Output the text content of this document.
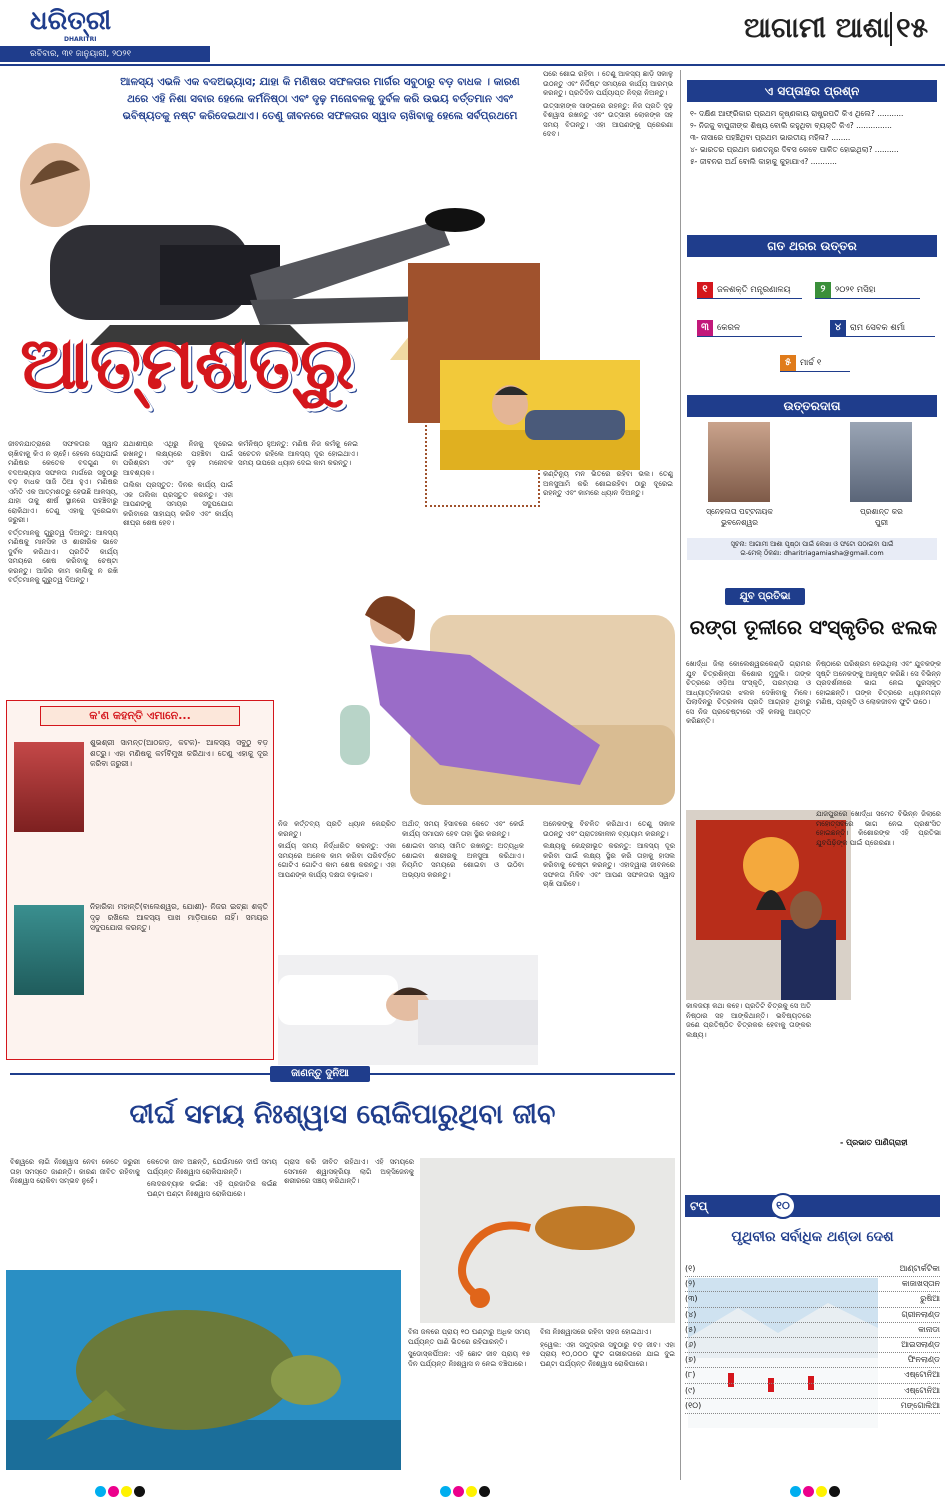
ଧରିତ୍ରୀ
DHARITRI
ରବିବାର, ୩୧ ଜାନୁୟାରୀ, ୨୦୨୧
ଆଗାମୀ ଆଶା ୧୫
ଆଳସ୍ୟ ଏଭଳି ଏକ ବଦଅଭ୍ୟାସ; ଯାହା କି ମଣିଷର ସଫଳତାର ମାର୍ଗର ସବୁଠାରୁ ବଡ଼ ବାଧକ । କାରଣ ଥରେ ଏହି ନିଶା ସବାର ହେଲେ କର୍ମନିଷ୍ଠା ଏବଂ ଦୃଢ଼ ମନୋବଳକୁ ଦୁର୍ବଳ କରି ଉଭୟ ବର୍ତ୍ତମାନ ଏବଂ ଭବିଷ୍ୟତକୁ ନଷ୍ଟ କରିଦେଇଥାଏ। ତେଣୁ ଜୀବନରେ ସଫଳତାର ସ୍ୱାଦ ଚାଖିବାକୁ ହେଲେ ସର୍ବପ୍ରଥମେ
ଆତ୍ମଶତ୍ରୁ

ଜୀବନଯାତ୍ରାରେ ସଫଳତାର ସ୍ୱାଦ ଚାଖିବାକୁ କିଏ ନ ଚାହେଁ। ହେଲେ ସେଥିପାଇଁ ମଣିଷର କେତେକ ବଦଗୁଣ ବା ବଦଅଭ୍ୟାସ ସଫଳତା ମାର୍ଗରେ ସବୁଠାରୁ ବଡ଼ ବାଧକ ସାଜି ଠିଆ ହୁଏ। ମଣିଷର ଏମିତି ଏକ ଆତ୍ମଶତ୍ରୁ ହେଉଛି ଆଳସ୍ୟ, ଯାହା ତାକୁ ଶୀର୍ଷ ସ୍ଥାନରେ ପହଞ୍ଚିବାରୁ ରୋକିଥାଏ। ତେଣୁ ଏହାକୁ ଦୂରେଇବା ଜରୁରୀ।

ବର୍ତ୍ତମାନକୁ ଗୁରୁତ୍ୱ ଦିଅନ୍ତୁ: ଆଳସ୍ୟ ମଣିଷକୁ ମାନସିକ ଓ ଶାରୀରିକ ଭାବେ ଦୁର୍ବଳ କରିଥାଏ। ପ୍ରତିଟି କାର୍ଯ୍ୟ ସମୟରେ ଶେଷ କରିବାକୁ ଚେଷ୍ଟା କରନ୍ତୁ। ଆଜିର କାମ କାଲିକୁ ନ ରଖି ବର୍ତ୍ତମାନକୁ ଗୁରୁତ୍ୱ ଦିଅନ୍ତୁ।

ଯଥାଶୀଘ୍ର ଏଥିରୁ ନିଜକୁ ଦୂରେଇ ରଖନ୍ତୁ। ଲକ୍ଷ୍ୟରେ ପହଞ୍ଚିବା ପାଇଁ ପରିଶ୍ରମ ଏବଂ ଦୃଢ଼ ମନୋବଳ ଆବଶ୍ୟକ।

ତାଲିକା ପ୍ରସ୍ତୁତ: ଦିନର କାର୍ଯ୍ୟ ପାଇଁ ଏକ ତାଲିକା ପ୍ରସ୍ତୁତ କରନ୍ତୁ। ଏହା ଆପଣଙ୍କୁ ସମୟର ସଦୁପଯୋଗ କରିବାରେ ସାହାଯ୍ୟ କରିବ ଏବଂ କାର୍ଯ୍ୟ ଶୀଘ୍ର ଶେଷ ହେବ।

କର୍ମନିଷ୍ଠ ହୁଅନ୍ତୁ: ମଣିଷ ନିଜ କର୍ମକୁ ନେଇ ସଚେତନ ରହିଲେ ଆଳସ୍ୟ ଦୂର ହୋଇଥାଏ। ସମୟ ଉପରେ ଧ୍ୟାନ ଦେଇ କାମ କରନ୍ତୁ।

ପରେ ଶୋଇ ରହିବା । ତେଣୁ ଆଳସ୍ୟ ଛାଡ଼ି ସକାଳୁ ଉଠନ୍ତୁ ଏବଂ ନିର୍ଦ୍ଦିଷ୍ଟ ସମୟରେ କାର୍ଯ୍ୟ ଆରମ୍ଭ କରନ୍ତୁ। ପ୍ରତିଦିନ ପର୍ଯ୍ୟାପ୍ତ ନିଦ୍ରା ନିଅନ୍ତୁ।

ଉତ୍ସାହୀଙ୍କ ସାଙ୍ଗରେ ରହନ୍ତୁ: ନିଜ ପ୍ରତି ଦୃଢ଼ ବିଶ୍ୱାସ ରଖନ୍ତୁ ଏବଂ ଉତ୍ସାହୀ ଲୋକଙ୍କ ସହ ସମୟ ବିତାନ୍ତୁ। ଏହା ଆପଣଙ୍କୁ ପ୍ରେରଣା ଦେବ।

କଣ୍ଟିନ୍ୟୁ ମନ ଭିତରେ ରହିବା ଭଲ। ତେଣୁ ଅଳସୁଆମି କରି ଶୋଇରହିବା ଠାରୁ ଦୂରେଇ ରହନ୍ତୁ ଏବଂ କାମରେ ଧ୍ୟାନ ଦିଅନ୍ତୁ।

କ'ଣ କହନ୍ତି ଏମାନେ...

ଶୁଭଶ୍ରୀ ସାମନ୍ତ(ଆଠଗଡ଼, କଟକ)- ଆଳସ୍ୟ ସବୁଠୁ ବଡ଼ ଶତ୍ରୁ। ଏହା ମଣିଷକୁ କର୍ମବିମୁଖ କରିଥାଏ। ତେଣୁ ଏହାକୁ ଦୂର କରିବା ଜରୁରୀ।

ନିହାରିକା ମହାନ୍ତି(ବାଲେଶ୍ୱର, ଯୋଶୀ)- ନିଜର ଇଚ୍ଛା ଶକ୍ତି ଦୃଢ଼ ରଖିଲେ ଆଳସ୍ୟ ପାଖ ମାଡ଼ିପାରେ ନାହିଁ। ସମୟର ସଦୁପଯୋଗ କରନ୍ତୁ।

ନିଜ କର୍ତ୍ତବ୍ୟ ପ୍ରତି ଧ୍ୟାନ କେନ୍ଦ୍ରିତ କରନ୍ତୁ।

କାର୍ଯ୍ୟ ସମୟ ନିର୍ଦ୍ଧାରିତ କରନ୍ତୁ: ଏକା ସମୟରେ ଅନେକ କାମ କରିବା ପରିବର୍ତ୍ତେ ଗୋଟିଏ ଗୋଟିଏ କାମ ଶେଷ କରନ୍ତୁ। ଏହା ଆପଣଙ୍କ କାର୍ଯ୍ୟ ଦକ୍ଷତା ବଢ଼ାଇବ।

ଅର୍ଥାତ୍ ସମୟ ହିସାବରେ କେତେ ଏବଂ କେଉଁ କାର୍ଯ୍ୟ ସମାପନ ହେବ ତାହା ସ୍ଥିର କରନ୍ତୁ।

ଶୋଇବା ସମୟ ସୀମିତ ରଖନ୍ତୁ: ଅତ୍ୟଧିକ ଶୋଇବା ଶରୀରକୁ ଅଳସୁଆ କରିଥାଏ। ନିୟମିତ ସମୟରେ ଶୋଇବା ଓ ଉଠିବା ଅଭ୍ୟାସ କରନ୍ତୁ।

ଅନେକଙ୍କୁ ବିଚଳିତ କରିଥାଏ। ତେଣୁ ସକାଳ ଉଠନ୍ତୁ ଏବଂ ପ୍ରାତଃକାଳୀନ ବ୍ୟାୟାମ କରନ୍ତୁ।

ଲକ୍ଷ୍ୟକୁ କେନ୍ଦ୍ରୀଭୂତ କରନ୍ତୁ: ଆଳସ୍ୟ ଦୂର କରିବା ପାଇଁ ଲକ୍ଷ୍ୟ ସ୍ଥିର କରି ତାହାକୁ ହାସଲ କରିବାକୁ ଚେଷ୍ଟା କରନ୍ତୁ। ଏହାଦ୍ୱାରା ଜୀବନରେ ସଫଳତା ମିଳିବ ଏବଂ ଆପଣ ସଫଳତାର ସ୍ୱାଦ ଚାଖି ପାରିବେ।

ଏ ସପ୍ତାହର ପ୍ରଶ୍ନ
୧- ଦକ୍ଷିଣ ଆଫ୍ରିକାର ପ୍ରଥମ କୃଷ୍ଣକାୟ ରାଷ୍ଟ୍ରପତି କିଏ ଥିଲେ? ...........
୨- ନିଜକୁ ବାପୁଜୀଙ୍କ ଶିଷ୍ୟ ବୋଲି କହୁଥିବା ବ୍ୟକ୍ତି କିଏ? ...............
୩- ନାସାରେ ପହଞ୍ଚିଥିବା ପ୍ରଥମ ଭାରତୀୟ ମହିଳା? ........
୪- ଭାରତର ପ୍ରଥମ ଗଣତନ୍ତ୍ର ଦିବସ କେବେ ପାଳିତ ହୋଇଥିଲା? ..........
୫- ଜୀବନର ଅର୍ଥ ବୋଲି କାହାକୁ କୁହାଯାଏ? ...........
ଗତ ଥରର ଉତ୍ତର
୧ ଜଳଶକ୍ତି ମନ୍ତ୍ରଣାଳୟ	୨ ୨୦୨୧ ମସିହା
୩ କେରଳ	୪ ରାମ ସେବକ ଶର୍ମା
୫ ମାର୍ଚ୍ଚ ୧
ଉତ୍ତରଦାତା
ସ୍ନେହଲତା ପଟ୍ଟନାୟକ
ଭୁବନେଶ୍ୱର
ପ୍ରଶାନ୍ତ କର
ପୁରୀ
ସୂଚନା: ଆଗାମୀ ଆଶା ପୃଷ୍ଠା ପାଇଁ ଲେଖା ଓ ଫଟୋ ପଠାଇବା ପାଇଁ
ଇ-ମେଲ୍ ଠିକଣା: dharitriagamiasha@gmail.com
ଯୁବ ପ୍ରତିଭା
ରଙ୍ଗ ତୂଳୀରେ ସଂସ୍କୃତିର ଝଲକ

ଖୋର୍ଦ୍ଧା ଜିଲା କୋଲେଶ୍ୱରକେଣ୍ଡି ଗ୍ରାମର ଯୁବ ଚିତ୍ରଶିଳ୍ପୀ କିଶୋର ମୁଦୁଲି। ତାଙ୍କ ଚିତ୍ରରେ ଓଡ଼ିଆ ସଂସ୍କୃତି, ପରମ୍ପରା ଓ ଆଧ୍ୟାତ୍ମିକତାର ଝଲକ ଦେଖିବାକୁ ମିଳେ। ପିଲାଦିନରୁ ଚିତ୍ରକଳା ପ୍ରତି ଆଗ୍ରହ ଥିବାରୁ ସେ ନିଜ ପ୍ରଚେଷ୍ଟାରେ ଏହି କଳାକୁ ଆୟତ୍ତ କରିଛନ୍ତି।

ନିଷ୍ଠାରେ ପରିଶ୍ରମ ହେଉଥିଲା ଏବଂ ଯୁବକଙ୍କ ସୃଷ୍ଟି ଅନେକଙ୍କୁ ଆକୃଷ୍ଟ କରିଛି। ସେ ବିଭିନ୍ନ ପ୍ରଦର୍ଶନୀରେ ଭାଗ ନେଇ ପୁରସ୍କୃତ ହୋଇଛନ୍ତି। ତାଙ୍କ ଚିତ୍ରରେ ଧ୍ୟାନମଗ୍ନ ମଣିଷ, ପ୍ରକୃତି ଓ ଲୋକଜୀବନ ଫୁଟି ଉଠେ।

କାଳଜୟୀ କଥା କହେ। ପ୍ରତିଟି ଚିତ୍ରକୁ ସେ ଅତି ନିଷ୍ଠାର ସହ ଆଙ୍କିଥାନ୍ତି। ଭବିଷ୍ୟତରେ ଜଣେ ପ୍ରତିଷ୍ଠିତ ଚିତ୍ରକର ହେବାକୁ ତାଙ୍କର ଲକ୍ଷ୍ୟ।

ଯାଜପୁରରେ ଖୋର୍ଦ୍ଧା ସମେତ ବିଭିନ୍ନ ଜିଲାରେ ମହୋତ୍ସବରେ ଭାଗ ନେଇ ପ୍ରଶଂସିତ ହୋଇଛନ୍ତି। କିଶୋରଙ୍କ ଏହି ପ୍ରତିଭା ଯୁବପିଢ଼ିଙ୍କ ପାଇଁ ପ୍ରେରଣା।

- ପ୍ରଭାତ ପାଣିଗ୍ରାହୀ
ଜାଣନ୍ତୁ ଦୁନିଆ
ଦୀର୍ଘ ସମୟ ନିଃଶ୍ୱାସ ରୋକିପାରୁଥିବା ଜୀବ

ବିଶ୍ୱରେ ଲାଗି ନିଃଶ୍ୱାସ ନେବା କେତେ ଜରୁରୀ ତାହା ସମସ୍ତେ ଜାଣନ୍ତି। କାରଣ ଜୀବିତ ରହିବାକୁ ନିଃଶ୍ୱାସ ରୋକିବା ସମ୍ଭବ ନୁହେଁ।

କେତେକ ଜୀବ ଅଛନ୍ତି, ଯେଉଁମାନେ ଦୀର୍ଘ ସମୟ ପର୍ଯ୍ୟନ୍ତ ନିଃଶ୍ୱାସ ରୋକିପାରନ୍ତି।

ଲେଦରବ୍ୟାକ କଇଁଛ: ଏହି ପ୍ରଜାତିର କଇଁଛ ଘଣ୍ଟା ଘଣ୍ଟା ନିଃଶ୍ୱାସ ରୋକିପାରେ।

ଗ୍ରାସ କରି ଜୀବିତ ରହିଥାଏ। ଏହି ସମୟରେ ସେମାନେ ଶ୍ୱାସକ୍ରିୟା ଲାଗି ଅକ୍ସିଜେନକୁ ଶରୀରରେ ସଞ୍ଚୟ କରିଥାନ୍ତି।

ବିନା ଜଳରେ ପ୍ରାୟ ୧୦ ଘଣ୍ଟାରୁ ଅଧିକ ସମୟ ପର୍ଯ୍ୟନ୍ତ ପାଣି ଭିତରେ ରହିପାରନ୍ତି।

ସୁଡୋସ୍କର୍ପିଅନ: ଏହି ଛୋଟ ଜୀବ ପ୍ରାୟ ୧୭ ଦିନ ପର୍ଯ୍ୟନ୍ତ ନିଃଶ୍ୱାସ ନ ନେଇ ବଞ୍ଚିପାରେ।

ବିନା ନିଃଶ୍ୱାସରେ ରହିବା ସହଜ ହୋଇଥାଏ।

ହ୍ୱେଲ: ଏହା ସମୁଦ୍ରର ସବୁଠାରୁ ବଡ଼ ଜୀବ। ଏହା ପ୍ରାୟ ୧୦,୦୦୦ ଫୁଟ ଗଭୀରତାରେ ଯାଇ ଦୁଇ ଘଣ୍ଟା ପର୍ଯ୍ୟନ୍ତ ନିଃଶ୍ୱାସ ରୋକିପାରେ।

ଟପ୍	୧୦
ପୃଥିବୀର ସର୍ବାଧିକ ଥଣ୍ଡା ଦେଶ
(୧)	ଆଣ୍ଟାର୍କଟିକା
(୨)	କାଜାଖସ୍ତାନ
(୩)	ରୁଷିଆ
(୪)	ଗ୍ରୀନଲାଣ୍ଡ
(୫)	କାନାଡା
(୬)	ଆଇସଲାଣ୍ଡ
(୭)	ଫିନଲାଣ୍ଡ
(୮)	ଏଷ୍ଟୋନିଆ
(୯)	ଏଷ୍ଟୋନିଆ
(୧୦)	ମଙ୍ଗୋଲିଆ
